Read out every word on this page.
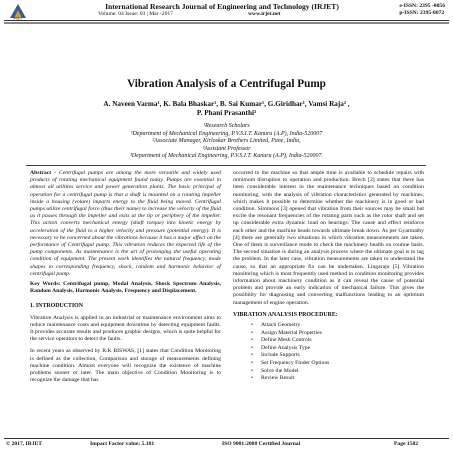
IRJET
International Research Journal of Engineering and Technology (IRJET)
Volume: 04 Issue: 03 | Mar -2017	www.irjet.net
e-ISSN: 2395 -0056
p-ISSN: 2395-0072
Vibration Analysis of a Centrifugal Pump
A. Naveen Varma¹, K. Bala Bhaskar¹, B. Sai Kumar¹, G.Giridhar¹, Vamsi Raja² ,
P. Phani Prasanthi³
¹Research Scholars
¹Department of Mechanical Engineering, P.V.S.I.T. Kanuru (A.P), India-520007
²Associate Manager, Kirloskar Brothers Limited, Pune, India,
³Assistant Professor
³Department of Mechanical Engineering, P.V.S.I.T. Kanuru (A.P), India-520007.
Abstract - Centrifugal pumps are among the more versatile and widely used products of rotating mechanical equipment found today. Pumps are essential in almost all utilities service and power generation plants. The basic principal of operation for a centrifugal pump is that a shaft is mounted on a rotating impeller inside a housing (volute) imparts energy to the fluid being moved. Centrifugal pumps utilize centrifugal force (thus their name) to increase the velocity of the fluid as it passes through the impeller and exits at the tip or periphery of the impeller. This action converts mechanical energy (shaft torque) into kinetic energy by acceleration of the fluid to a higher velocity and pressure (potential energy). It is necessary to be concerned about the vibrations because it has a major affect on the performance of Centrifugal pump. This vibration reduces the expected life of the pump components. As maintenance is the art of prolonging the useful operating condition of equipment. The present work identifies the natural frequency, mode shapes to corresponding frequency, shock, random and harmonic behavior of centrifugal pump.
Key Words: Centrifugal pump, Modal Analysis, Shock Spectrum Analysis, Random Analysis, Harmonic Analysis, Frequency and Displacement.
1. INTRODUCTION
Vibration Analysis is applied in an industrial or maintenance environment aims to reduce maintenance costs and equipment downtime by detecting equipment faults. It provides accurate results and produces graphic designs, which is quite helpful for the service operators to detect the faults.
In recent years as observed by R.K BISWAS, [1] states that Condition Monitoring is defined as the collection, Comparison and storage of measurements defining machine condition. Almost everyone will recognize the existence of machine problems sooner or later. The main objective of Condition Monitoring is to recognize the damage that has
occurred to the machine so that ample time is available to schedule repairs with minimum disruption to operation and production. Brech [2] states that there has been considerable interest in the maintenance techniques based on condition monitoring, with the analysis of vibration characteristics generated by machines, which makes it possible to determine whether the machinery is in good or bad condition. Simmons [3] opened that vibration from their sources may be small but excite the resonant frequencies of the rotating parts such as the rotor shaft and set up considerable extra dynamic load on bearings. The cause and effect reinforce each other and the machine heads towards ultimate break down. As per Gyarmathy [4] there are generally two situations in which vibration measurements are taken. One of them is surveillance mode to check the machinery health on routine basis. The second situation is during an analysis process where the ultimate goal is to tag the problem. In the later case, vibration measurements are taken to understand the cause, so that an appropriate fix can be undertaken. Lingaraju [5] Vibration monitoring which is most frequently used method in condition monitoring provides information about machinery condition as it can reveal the cause of potential problem and provide an early indication of mechanical failure. This gives the possibility for diagnosing and converting malfunctions leading to an optimum management of engine operation.
VIBRATION ANALYSIS PROCEDURE:
• Attach Geometry
• Assign Material Properties
• Define Mesh Controls
• Define Analysis Type
• Include Supports
• Set Frequency Finder Options
• Solve the Model
• Review Result
© 2017, IRJET	Impact Factor value: 5.181	ISO 9001:2008 Certified Journal	Page 1582
